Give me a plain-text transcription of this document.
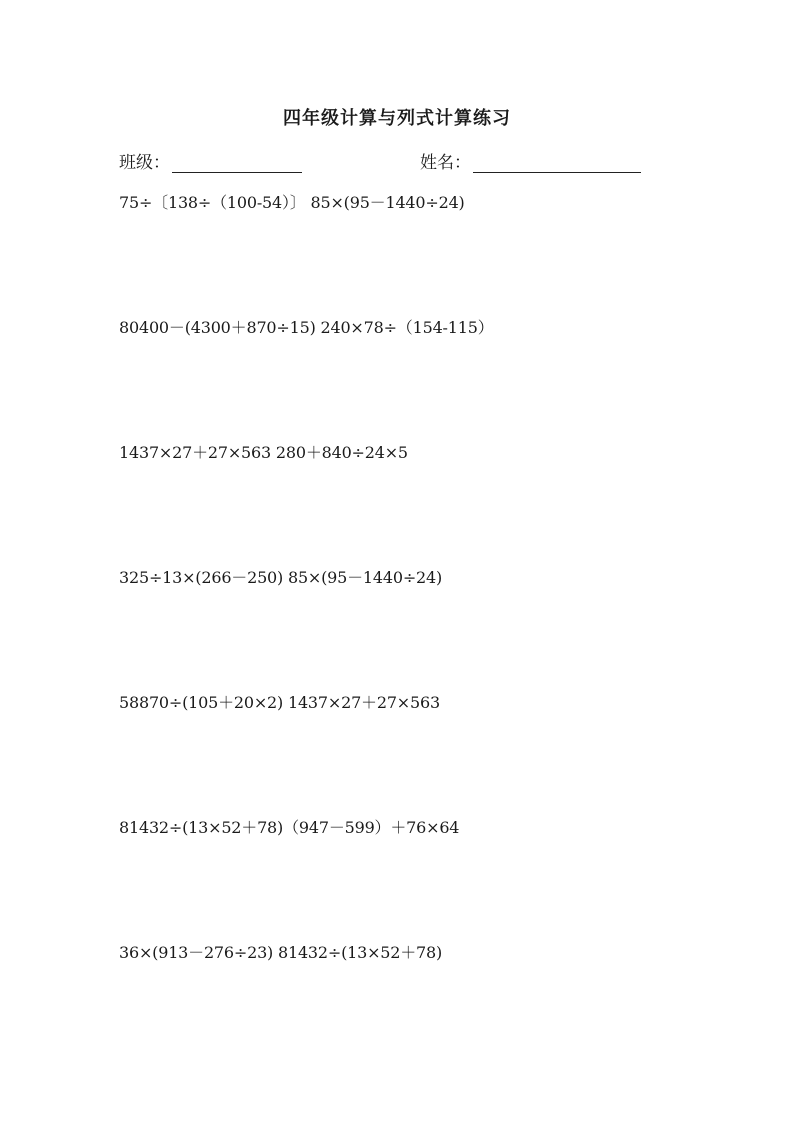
四年级计算与列式计算练习
班级：	姓名：
75÷〔138÷（100-54）〕 85×(95－1440÷24)
80400－(4300＋870÷15) 240×78÷（154-115）
1437×27＋27×563 280＋840÷24×5
325÷13×(266－250) 85×(95－1440÷24)
58870÷(105＋20×2) 1437×27＋27×563
81432÷(13×52＋78)（947－599）＋76×64
36×(913－276÷23) 81432÷(13×52＋78)
